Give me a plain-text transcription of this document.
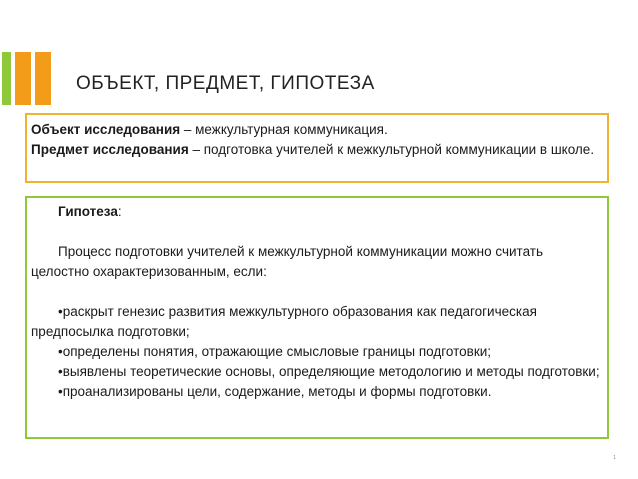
ОБЪЕКТ, ПРЕДМЕТ, ГИПОТЕЗА

Объект исследования – межкультурная коммуникация.

Предмет исследования – подготовка учителей к межкультурной коммуникации в школе.

Гипотеза:

Процесс подготовки учителей к межкультурной коммуникации можно считать целостно охарактеризованным, если:

•раскрыт генезис развития межкультурного образования как педагогическая предпосылка подготовки;

•определены понятия, отражающие смысловые границы подготовки;

•выявлены теоретические основы, определяющие методологию и методы подготовки;

•проанализированы цели, содержание, методы и формы подготовки.

1
